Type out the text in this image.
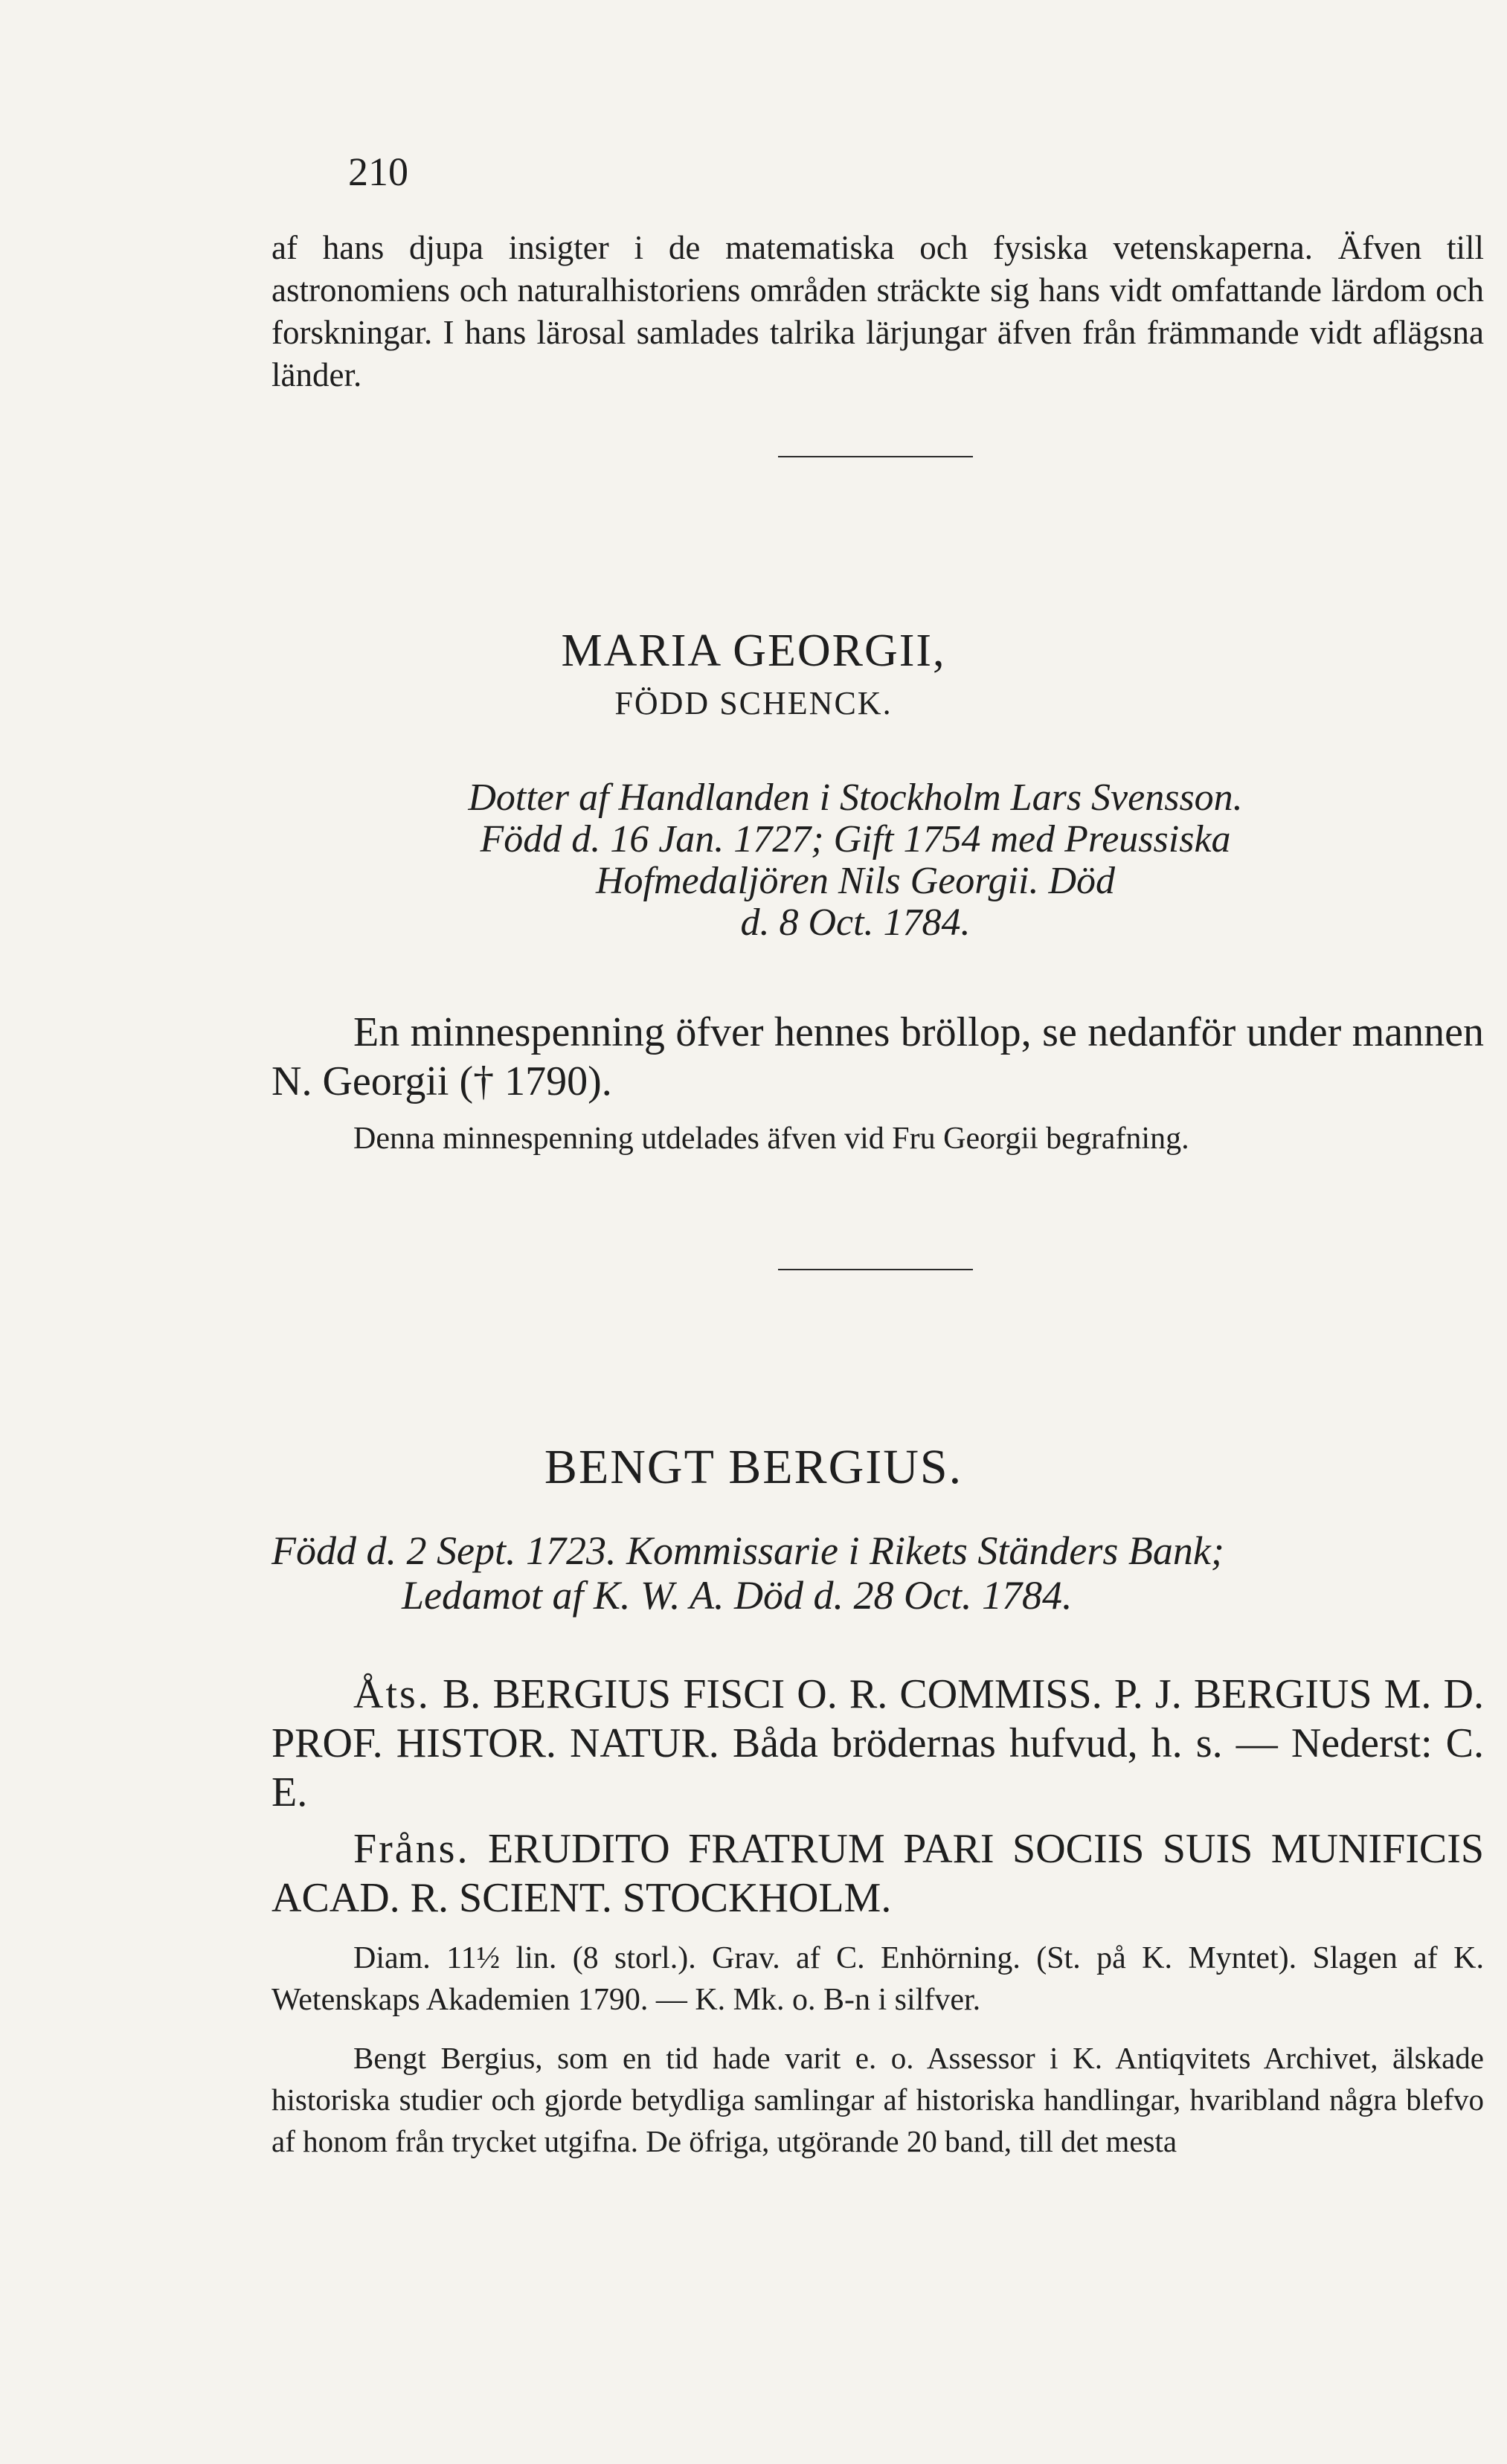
210

af hans djupa insigter i de matematiska och fysiska vetenskaperna. Äfven till astronomiens och naturalhistoriens områden sträckte sig hans vidt omfattande lärdom och forskningar. I hans lärosal samlades talrika lärjungar äfven från främmande vidt aflägsna länder.

MARIA GEORGII,
FÖDD SCHENCK.

Dotter af Handlanden i Stockholm Lars Svensson.

Född d. 16 Jan. 1727; Gift 1754 med Preussiska

Hofmedaljören Nils Georgii. Död

d. 8 Oct. 1784.

En minnespenning öfver hennes bröllop, se nedanför under mannen N. Georgii († 1790).

Denna minnespenning utdelades äfven vid Fru Georgii begrafning.

BENGT BERGIUS.

Född d. 2 Sept. 1723. Kommissarie i Rikets Ständers Bank;

Ledamot af K. W. A. Död d. 28 Oct. 1784.

Åts. B. BERGIUS FISCI O. R. COMMISS. P. J. BERGIUS M. D. PROF. HISTOR. NATUR. Båda brödernas hufvud, h. s. — Nederst: C. E.

Fråns. ERUDITO FRATRUM PARI SOCIIS SUIS MUNIFICIS ACAD. R. SCIENT. STOCKHOLM.

Diam. 11½ lin. (8 storl.). Grav. af C. Enhörning. (St. på K. Myntet). Slagen af K. Wetenskaps Akademien 1790. — K. Mk. o. B-n i silfver.

Bengt Bergius, som en tid hade varit e. o. Assessor i K. Antiqvitets Archivet, älskade historiska studier och gjorde betydliga samlingar af historiska handlingar, hvaribland några blefvo af honom från trycket utgifna. De öfriga, utgörande 20 band, till det mesta
